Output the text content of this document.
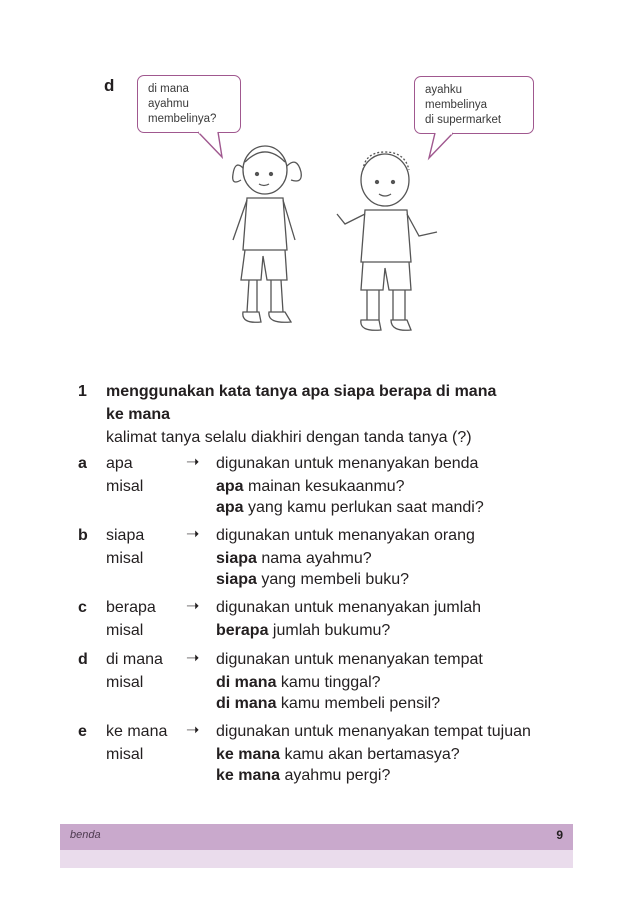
d	di mana
ayahmu
membelinya?
ayahku
membelinya
di supermarket
1 menggunakan kata tanya apa siapa berapa di mana
ke mana
kalimat tanya selalu diakhiri dengan tanda tanya (?)
a apa	➝ digunakan untuk menanyakan benda
misal	apa mainan kesukaanmu?
apa yang kamu perlukan saat mandi?
b siapa	➝ digunakan untuk menanyakan orang
misal	siapa nama ayahmu?
siapa yang membeli buku?
c berapa ➝ digunakan untuk menanyakan jumlah
misal	berapa jumlah bukumu?
d di mana ➝ digunakan untuk menanyakan tempat
misal	di mana kamu tinggal?
di mana kamu membeli pensil?
e ke mana ➝ digunakan untuk menanyakan tempat tujuan
misal	ke mana kamu akan bertamasya?
ke mana ayahmu pergi?
benda	9
